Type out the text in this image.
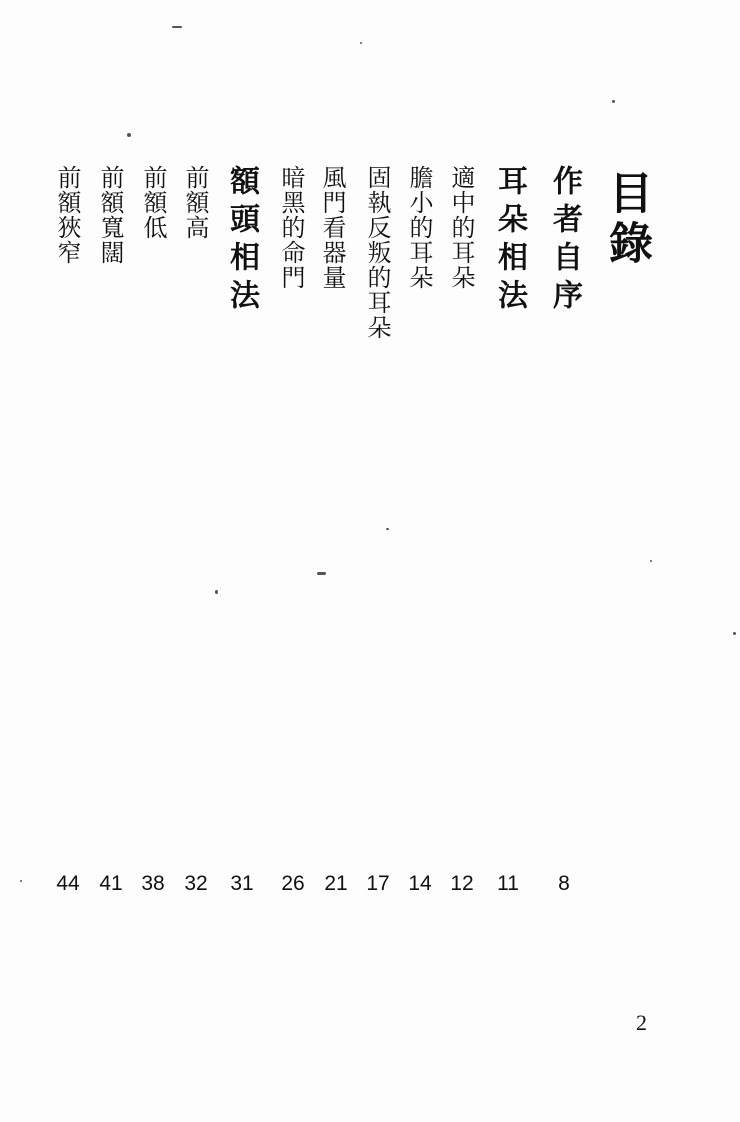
目錄
作者自序
耳朵相法
適中的耳朵
膽小的耳朵
固執反叛的耳朵
風門看器量
暗黑的命門
額頭相法
前額高
前額低
前額寬闊
前額狹窄
8
11
12
14
17
21
26
31
32
38
41
44
2
